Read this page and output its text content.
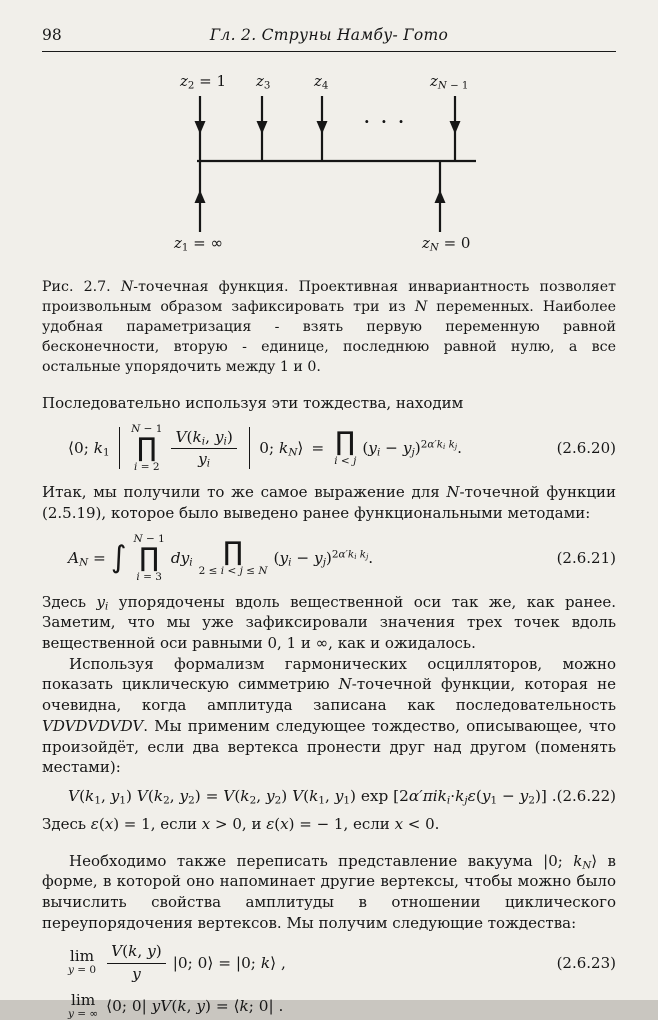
98	Гл. 2. Струны Намбу- Гото
$z_2 = 1$ $z_3$	$z_4$	$z_N$ $_{- 1}$
. . .
$z_1$ = ∞	$z_N = 0$

Рис. 2.7. N-точечная функция. Проективная инвариантность позволяет произвольным образом зафиксировать три из N переменных. Наиболее удобная параметризация - взять первую переменную равной бесконечности, вторую - единице, последнюю равной нулю, а все остальные упорядочить между 1 и 0.

Последовательно используя эти тождества, находим

⟨0; $k_1$
N − 1
∏
$i = 2 \frac{V(k_i, y_i)}{y_i} 0$; $k_N⟩$ = ∏
i < j
$(y_i - y_j)^{2\alpha'k_i}$ $^{k_j}$.	(2.6.20)

Итак, мы получили то же самое выражение для N-точечной функции (2.5.19), которое было выведено ранее функциональными методами:

$A_N$ = ∫
N − 1
∏
i = 3
$dy_i$ ∏
2 ≤ i < j ≤ N
$(y_i - y_j)^{2\alpha'k_i}$ $^{k_j}$.	(2.6.21)

Здесь $y_i$ упорядочены вдоль вещественной оси так же, как ранее. Заметим, что мы уже зафиксировали значения трех точек вдоль вещественной оси равными 0, 1 и ∞, как и ожидалось.

Используя формализм гармонических осцилляторов, можно показать циклическую симметрию N-точечной функции, которая не очевидна, когда амплитуда записана как последовательность VDVDVDVDV. Мы применим следующее тождество, описывающее, что произойдёт, если два вертекса пронести друг над другом (поменять местами):

$V(k_1$, $y_1$) $V(k_2$, $y_2) = V(k_2$, $y_2$) $V(k_1$, $y_1$) $\exp [2\alpha'\pi ik_i\cdot k_j\varepsilon(y_1 - y_2)]$ . (2.6.22)

Здесь ε(x) = 1, если x > 0, и ε(x) = − 1, если x < 0.

Необходимо также переписать представление вакуума |0; $k_N⟩$ в форме, в которой оно напоминает другие вертексы, чтобы можно было вычислить свойства амплитуды в отношении циклического переупорядочения вертексов. Мы получим следующие тождества:

lim
$y = 0 \frac{V(k, y)}{y} |0$; 0⟩ = |0; k⟩ ,	(2.6.23)
lim
y = ∞ ⟨0; 0| yV(k, y) = ⟨k; 0| .
